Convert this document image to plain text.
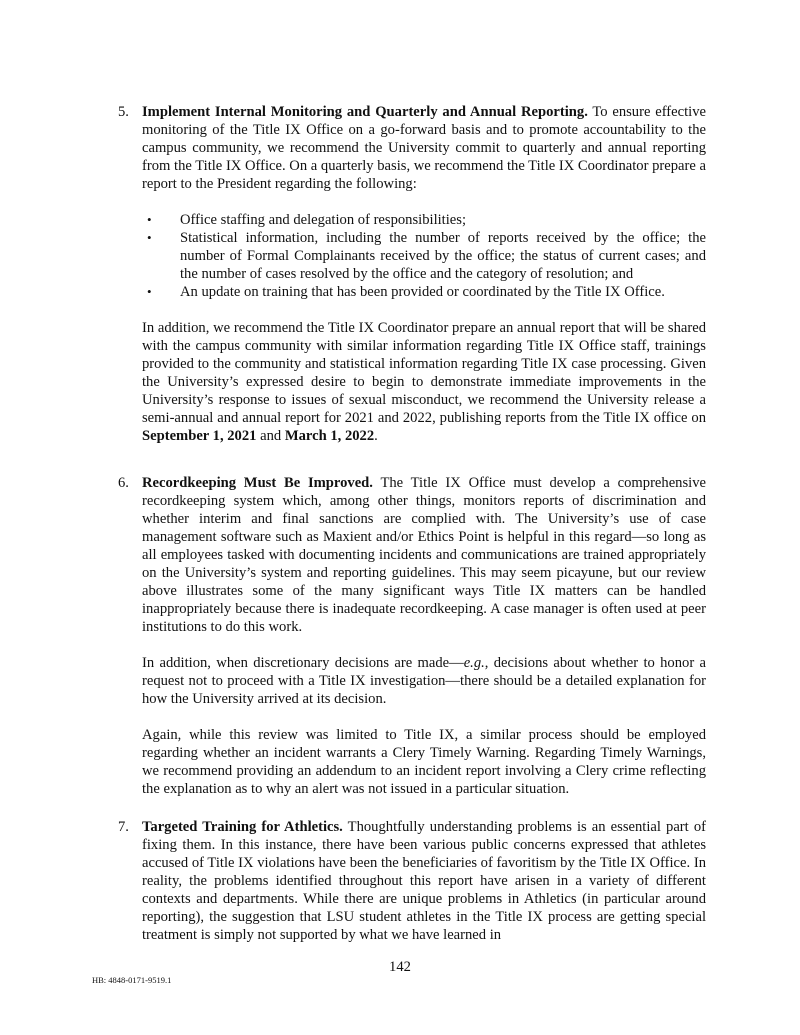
5. Implement Internal Monitoring and Quarterly and Annual Reporting. To ensure effective monitoring of the Title IX Office on a go-forward basis and to promote accountability to the campus community, we recommend the University commit to quarterly and annual reporting from the Title IX Office. On a quarterly basis, we recommend the Title IX Coordinator prepare a report to the President regarding the following:

• Office staffing and delegation of responsibilities;
• Statistical information, including the number of reports received by the office; the number of Formal Complainants received by the office; the status of current cases; and the number of cases resolved by the office and the category of resolution; and
• An update on training that has been provided or coordinated by the Title IX Office.

In addition, we recommend the Title IX Coordinator prepare an annual report that will be shared with the campus community with similar information regarding Title IX Office staff, trainings provided to the community and statistical information regarding Title IX case processing. Given the University’s expressed desire to begin to demonstrate immediate improvements in the University’s response to issues of sexual misconduct, we recommend the University release a semi-annual and annual report for 2021 and 2022, publishing reports from the Title IX office on September 1, 2021 and March 1, 2022.

6. Recordkeeping Must Be Improved. The Title IX Office must develop a comprehensive recordkeeping system which, among other things, monitors reports of discrimination and whether interim and final sanctions are complied with. The University’s use of case management software such as Maxient and/or Ethics Point is helpful in this regard—so long as all employees tasked with documenting incidents and communications are trained appropriately on the University’s system and reporting guidelines. This may seem picayune, but our review above illustrates some of the many significant ways Title IX matters can be handled inappropriately because there is inadequate recordkeeping. A case manager is often used at peer institutions to do this work.

In addition, when discretionary decisions are made—e.g., decisions about whether to honor a request not to proceed with a Title IX investigation—there should be a detailed explanation for how the University arrived at its decision.

Again, while this review was limited to Title IX, a similar process should be employed regarding whether an incident warrants a Clery Timely Warning. Regarding Timely Warnings, we recommend providing an addendum to an incident report involving a Clery crime reflecting the explanation as to why an alert was not issued in a particular situation.

7. Targeted Training for Athletics. Thoughtfully understanding problems is an essential part of fixing them. In this instance, there have been various public concerns expressed that athletes accused of Title IX violations have been the beneficiaries of favoritism by the Title IX Office. In reality, the problems identified throughout this report have arisen in a variety of different contexts and departments. While there are unique problems in Athletics (in particular around reporting), the suggestion that LSU student athletes in the Title IX process are getting special treatment is simply not supported by what we have learned in

142
HB: 4848-0171-9519.1
